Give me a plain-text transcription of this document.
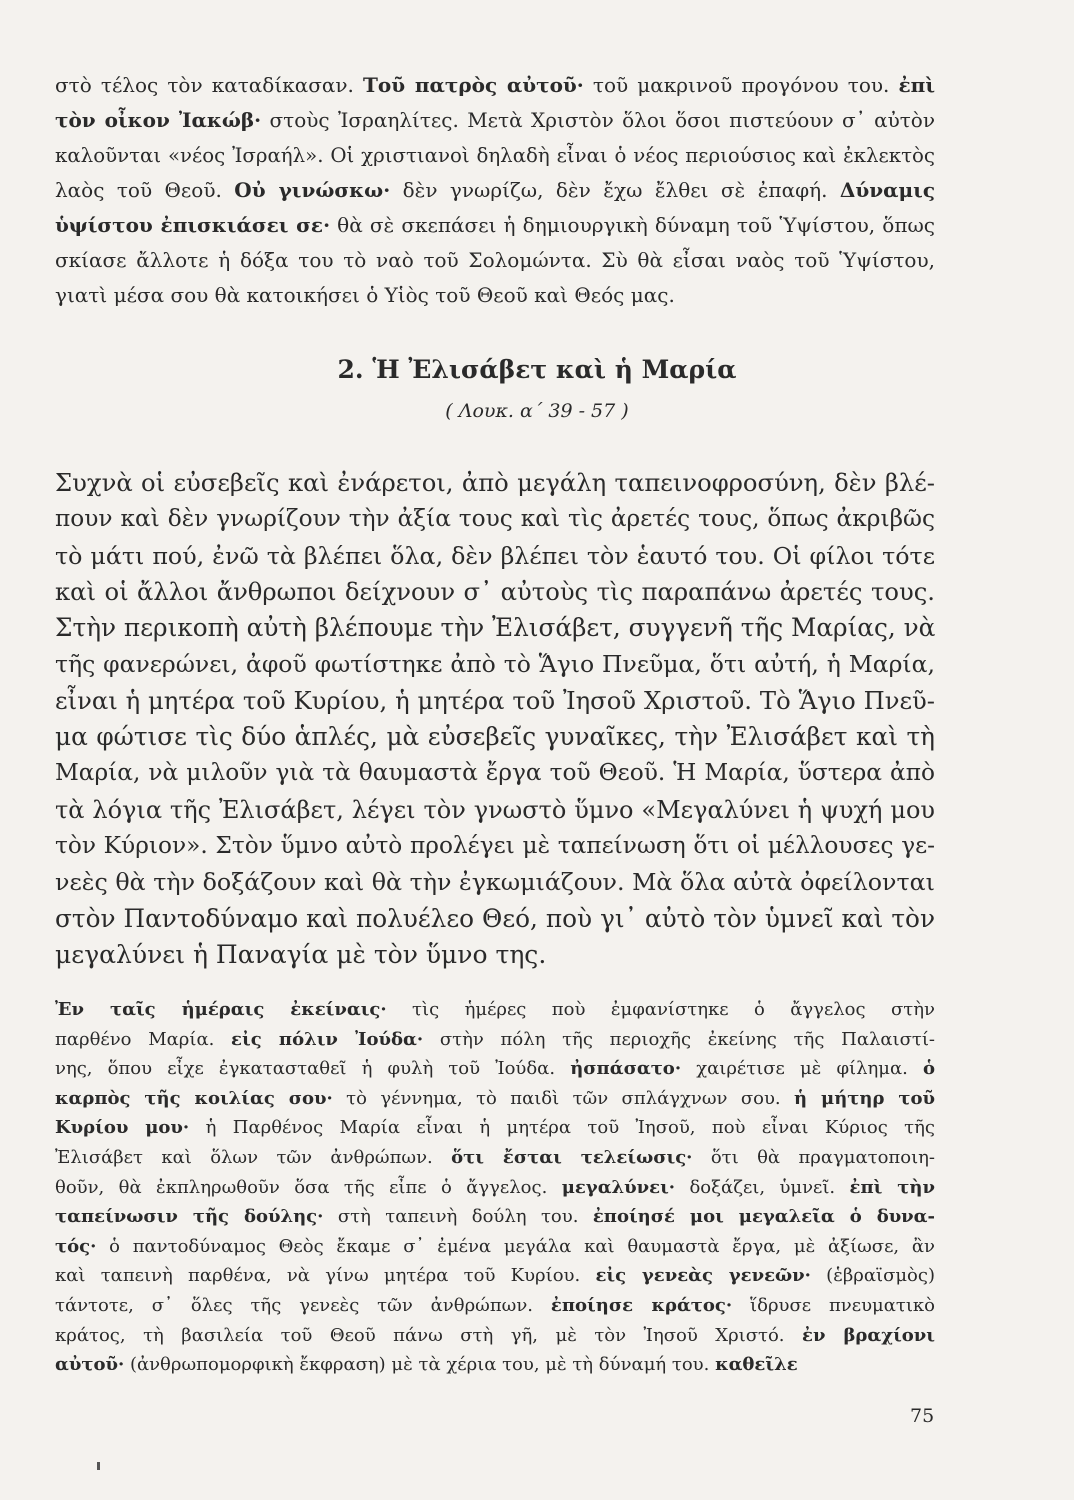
στὸ τέλος τὸν καταδίκασαν. Τοῦ πατρὸς αὐτοῦ· τοῦ μακρινοῦ προγόνου του. ἐπὶ
τὸν οἶκον Ἰακώβ· στοὺς Ἰσραηλίτες. Μετὰ Χριστὸν ὅλοι ὅσοι πιστεύουν σ᾽ αὐτὸν
καλοῦνται «νέος Ἰσραήλ». Οἱ χριστιανοὶ δηλαδὴ εἶναι ὁ νέος περιούσιος καὶ ἐκλεκτὸς
λαὸς τοῦ Θεοῦ. Οὐ γινώσκω· δὲν γνωρίζω, δὲν ἔχω ἔλθει σὲ ἐπαφή. Δύναμις
ὑψίστου ἐπισκιάσει σε· θὰ σὲ σκεπάσει ἡ δημιουργικὴ δύναμη τοῦ Ὑψίστου, ὅπως
σκίασε ἄλλοτε ἡ δόξα του τὸ ναὸ τοῦ Σολομώντα. Σὺ θὰ εἶσαι ναὸς τοῦ Ὑψίστου,
γιατὶ μέσα σου θὰ κατοικήσει ὁ Υἱὸς τοῦ Θεοῦ καὶ Θεός μας.
2. Ἡ Ἐλισάβετ καὶ ἡ Μαρία
( Λουκ. α΄ 39 - 57 )
Συχνὰ οἱ εὐσεβεῖς καὶ ἐνάρετοι, ἀπὸ μεγάλη ταπεινοφροσύνη, δὲν βλέ-
πουν καὶ δὲν γνωρίζουν τὴν ἀξία τους καὶ τὶς ἀρετές τους, ὅπως ἀκριβῶς
τὸ μάτι πού, ἐνῶ τὰ βλέπει ὅλα, δὲν βλέπει τὸν ἑαυτό του. Οἱ φίλοι τότε
καὶ οἱ ἄλλοι ἄνθρωποι δείχνουν σ᾽ αὐτοὺς τὶς παραπάνω ἀρετές τους.
Στὴν περικοπὴ αὐτὴ βλέπουμε τὴν Ἐλισάβετ, συγγενῆ τῆς Μαρίας, νὰ
τῆς φανερώνει, ἀφοῦ φωτίστηκε ἀπὸ τὸ Ἅγιο Πνεῦμα, ὅτι αὐτή, ἡ Μαρία,
εἶναι ἡ μητέρα τοῦ Κυρίου, ἡ μητέρα τοῦ Ἰησοῦ Χριστοῦ. Τὸ Ἅγιο Πνεῦ-
μα φώτισε τὶς δύο ἁπλές, μὰ εὐσεβεῖς γυναῖκες, τὴν Ἐλισάβετ καὶ τὴ
Μαρία, νὰ μιλοῦν γιὰ τὰ θαυμαστὰ ἔργα τοῦ Θεοῦ. Ἡ Μαρία, ὕστερα ἀπὸ
τὰ λόγια τῆς Ἐλισάβετ, λέγει τὸν γνωστὸ ὕμνο «Μεγαλύνει ἡ ψυχή μου
τὸν Κύριον». Στὸν ὕμνο αὐτὸ προλέγει μὲ ταπείνωση ὅτι οἱ μέλλουσες γε-
νεὲς θὰ τὴν δοξάζουν καὶ θὰ τὴν ἐγκωμιάζουν. Μὰ ὅλα αὐτὰ ὀφείλονται
στὸν Παντοδύναμο καὶ πολυέλεο Θεό, ποὺ γι᾽ αὐτὸ τὸν ὑμνεῖ καὶ τὸν
μεγαλύνει ἡ Παναγία μὲ τὸν ὕμνο της.
Ἐν ταῖς ἡμέραις ἐκείναις· τὶς ἡμέρες ποὺ ἐμφανίστηκε ὁ ἄγγελος στὴν
παρθένο Μαρία. εἰς πόλιν Ἰούδα· στὴν πόλη τῆς περιοχῆς ἐκείνης τῆς Παλαιστί-
νης, ὅπου εἶχε ἐγκατασταθεῖ ἡ φυλὴ τοῦ Ἰούδα. ἠσπάσατο· χαιρέτισε μὲ φίλημα. ὁ
καρπὸς τῆς κοιλίας σου· τὸ γέννημα, τὸ παιδὶ τῶν σπλάγχνων σου. ἡ μήτηρ τοῦ
Κυρίου μου· ἡ Παρθένος Μαρία εἶναι ἡ μητέρα τοῦ Ἰησοῦ, ποὺ εἶναι Κύριος τῆς
Ἐλισάβετ καὶ ὅλων τῶν ἀνθρώπων. ὅτι ἔσται τελείωσις· ὅτι θὰ πραγματοποιη-
θοῦν, θὰ ἐκπληρωθοῦν ὅσα τῆς εἶπε ὁ ἄγγελος. μεγαλύνει· δοξάζει, ὑμνεῖ. ἐπὶ τὴν
ταπείνωσιν τῆς δούλης· στὴ ταπεινὴ δούλη του. ἐποίησέ μοι μεγαλεῖα ὁ δυνα-
τός· ὁ παντοδύναμος Θεὸς ἔκαμε σ᾽ ἐμένα μεγάλα καὶ θαυμαστὰ ἔργα, μὲ ἀξίωσε, ἂν
καὶ ταπεινὴ παρθένα, νὰ γίνω μητέρα τοῦ Κυρίου. εἰς γενεὰς γενεῶν· (ἑβραϊσμὸς)
τάντοτε, σ᾽ ὅλες τῆς γενεὲς τῶν ἀνθρώπων. ἐποίησε κράτος· ἵδρυσε πνευματικὸ
κράτος, τὴ βασιλεία τοῦ Θεοῦ πάνω στὴ γῆ, μὲ τὸν Ἰησοῦ Χριστό. ἐν βραχίονι
αὐτοῦ· (ἀνθρωπομορφικὴ ἔκφραση) μὲ τὰ χέρια του, μὲ τὴ δύναμή του. καθεῖλε
75
